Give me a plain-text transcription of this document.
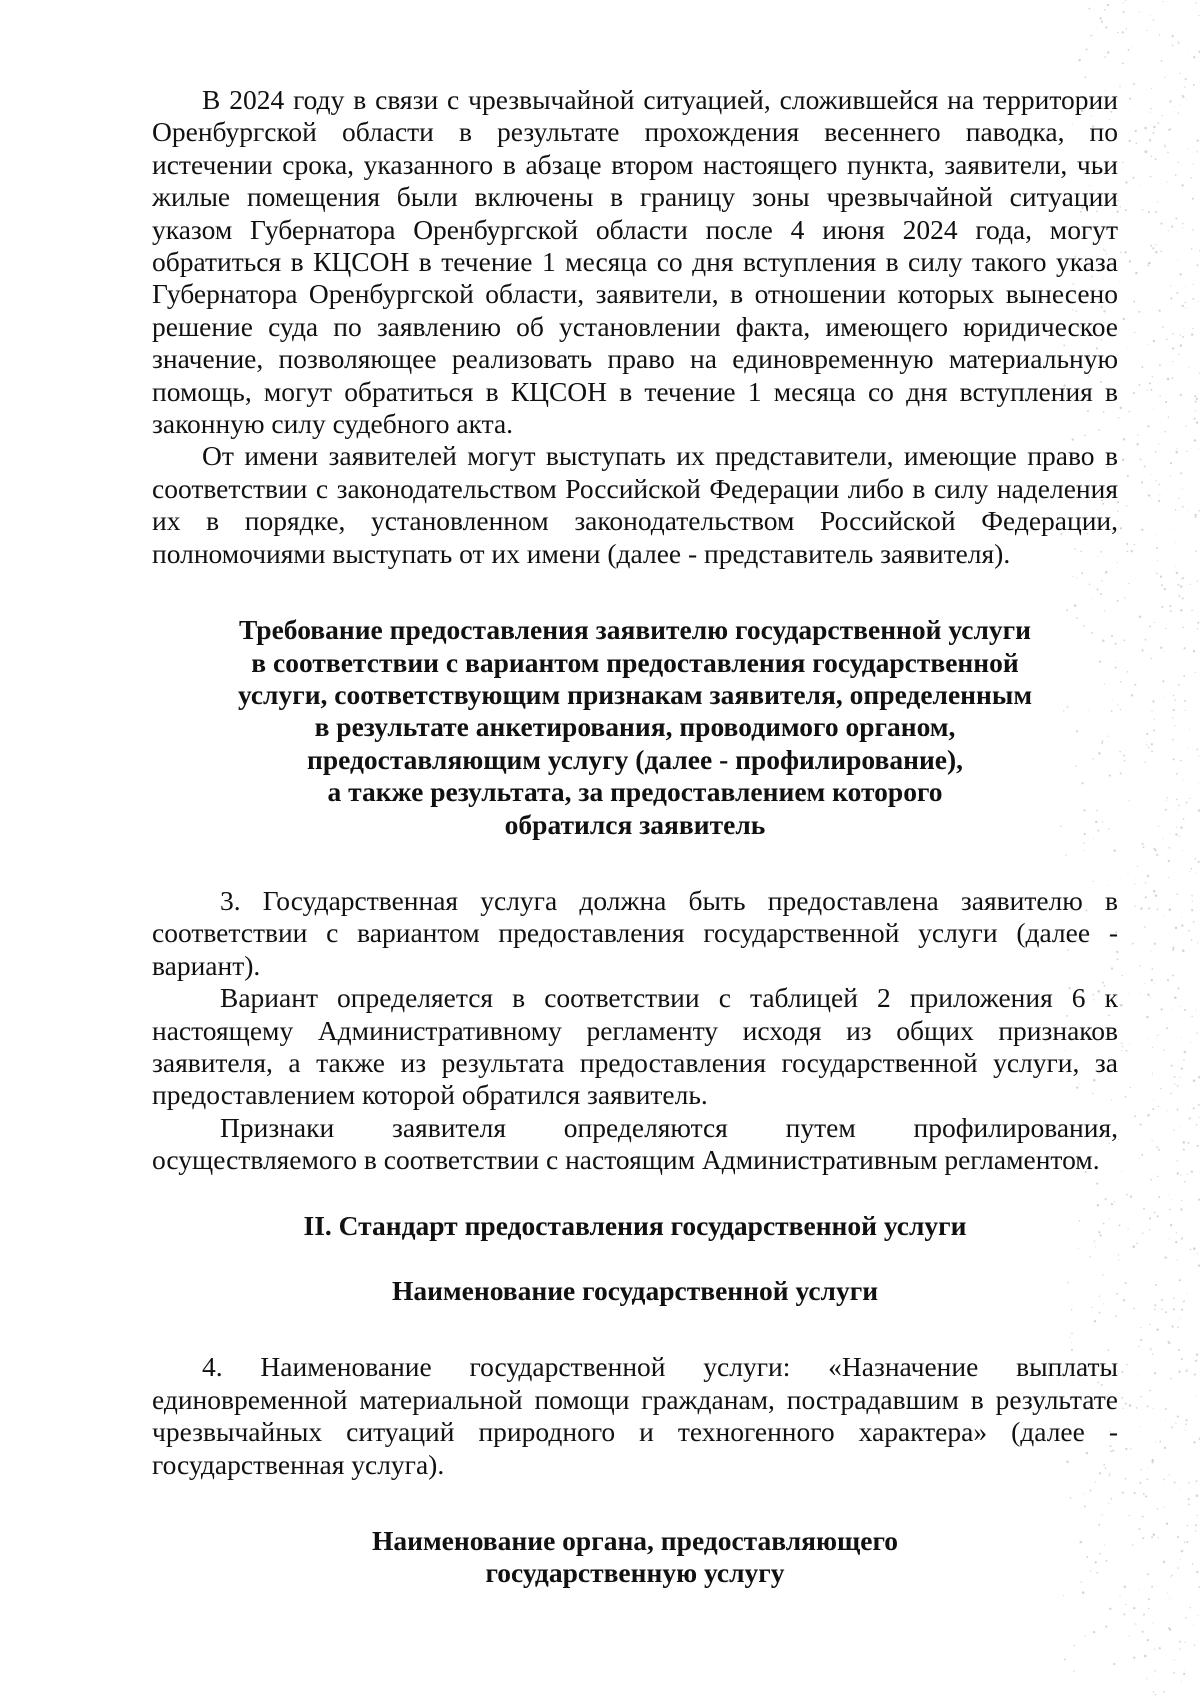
В 2024 году в связи с чрезвычайной ситуацией, сложившейся на территории Оренбургской области в результате прохождения весеннего паводка, по истечении срока, указанного в абзаце втором настоящего пункта, заявители, чьи жилые помещения были включены в границу зоны чрезвычайной ситуации указом Губернатора Оренбургской области после 4 июня 2024 года, могут обратиться в КЦСОН в течение 1 месяца со дня вступления в силу такого указа Губернатора Оренбургской области, заявители, в отношении которых вынесено решение суда по заявлению об установлении факта, имеющего юридическое значение, позволяющее реализовать право на единовременную материальную помощь, могут обратиться в КЦСОН в течение 1 месяца со дня вступления в законную силу судебного акта.

От имени заявителей могут выступать их представители, имеющие право в соответствии с законодательством Российской Федерации либо в силу наделения их в порядке, установленном законодательством Российской Федерации, полномочиями выступать от их имени (далее - представитель заявителя).

Требование предоставления заявителю государственной услуги
в соответствии с вариантом предоставления государственной
услуги, соответствующим признакам заявителя, определенным
в результате анкетирования, проводимого органом,
предоставляющим услугу (далее - профилирование),
а также результата, за предоставлением которого
обратился заявитель

3. Государственная услуга должна быть предоставлена заявителю в соответствии с вариантом предоставления государственной услуги (далее - вариант).

Вариант определяется в соответствии с таблицей 2 приложения 6 к настоящему Административному регламенту исходя из общих признаков заявителя, а также из результата предоставления государственной услуги, за предоставлением которой обратился заявитель.

Признаки заявителя определяются путем профилирования, осуществляемого в соответствии с настоящим Административным регламентом.

II. Стандарт предоставления государственной услуги
Наименование государственной услуги

4. Наименование государственной услуги: «Назначение выплаты единовременной материальной помощи гражданам, пострадавшим в результате чрезвычайных ситуаций природного и техногенного характера» (далее - государственная услуга).

Наименование органа, предоставляющего
государственную услугу
